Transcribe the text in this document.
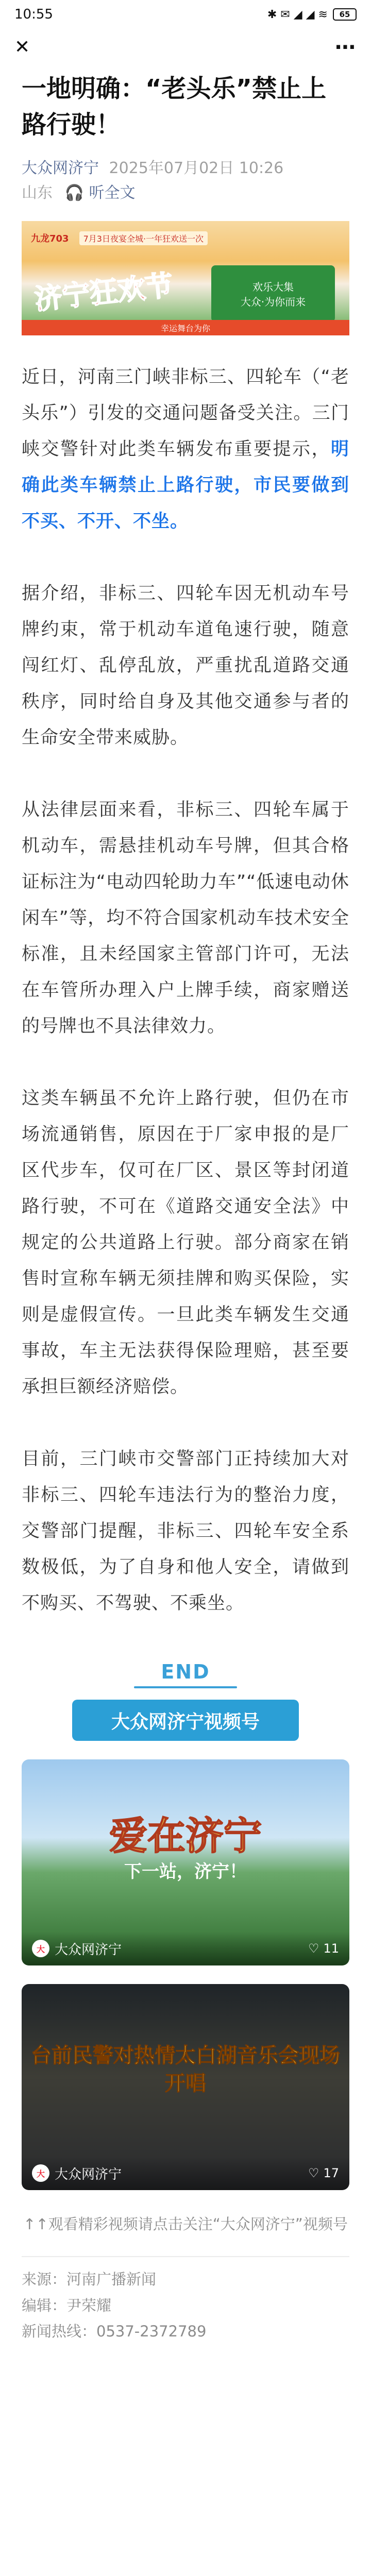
10:55	✱ ✉ ◢ ◢ ≋	65
✕	⋯
一地明确：“老头乐”禁止上路行驶！
大众网济宁 2025年07月02日 10:26
山东 🎧 听全文
九龙703	7月3日夜宴全城·一年狂欢送一次
济宁狂欢节	欢乐大集
大众·为你而来
幸运舞台为你

近日，河南三门峡非标三、四轮车（“老头乐”）引发的交通问题备受关注。三门峡交警针对此类车辆发布重要提示，明确此类车辆禁止上路行驶，市民要做到不买、不开、不坐。

据介绍，非标三、四轮车因无机动车号牌约束，常于机动车道龟速行驶，随意闯红灯、乱停乱放，严重扰乱道路交通秩序，同时给自身及其他交通参与者的生命安全带来威胁。

从法律层面来看，非标三、四轮车属于机动车，需悬挂机动车号牌，但其合格证标注为“电动四轮助力车”“低速电动休闲车”等，均不符合国家机动车技术安全标准，且未经国家主管部门许可，无法在车管所办理入户上牌手续，商家赠送的号牌也不具法律效力。

这类车辆虽不允许上路行驶，但仍在市场流通销售，原因在于厂家申报的是厂区代步车，仅可在厂区、景区等封闭道路行驶，不可在《道路交通安全法》中规定的公共道路上行驶。部分商家在销售时宣称车辆无须挂牌和购买保险，实则是虚假宣传。一旦此类车辆发生交通事故，车主无法获得保险理赔，甚至要承担巨额经济赔偿。

目前，三门峡市交警部门正持续加大对非标三、四轮车违法行为的整治力度，交警部门提醒，非标三、四轮车安全系数极低，为了自身和他人安全，请做到不购买、不驾驶、不乘坐。

END
大众网济宁视频号
爱在济宁
下一站，济宁！
大 大众网济宁	♡ 11
台前民警对热情太白湖音乐会现场开唱
大 大众网济宁	♡ 17

↑↑观看精彩视频请点击关注“大众网济宁”视频号

来源：河南广播新闻
编辑：尹荣耀
新闻热线：0537-2372789
